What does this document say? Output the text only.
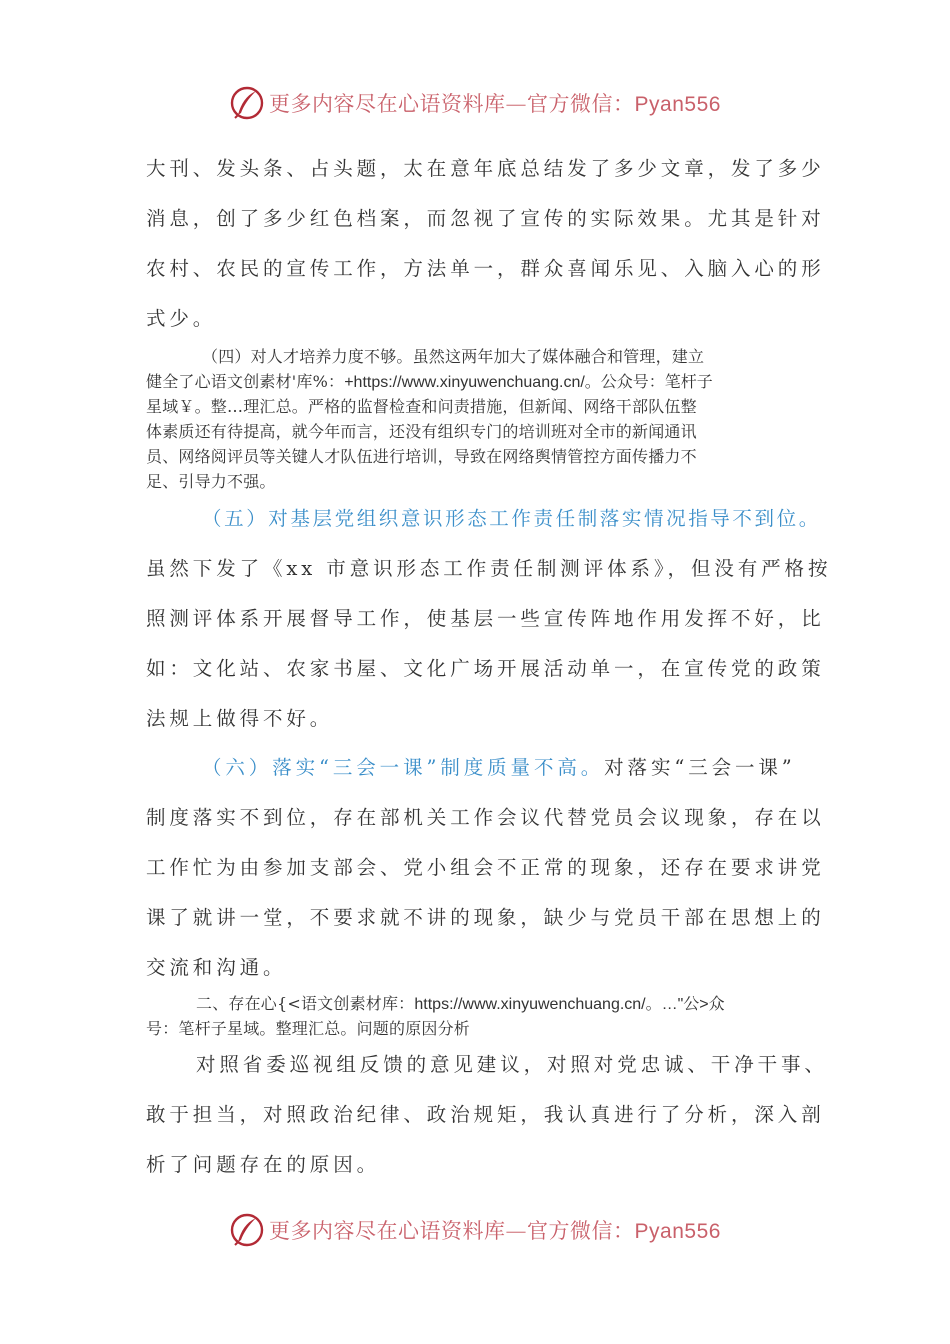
更多内容尽在心语资料库—官方微信：Pyan556
大刊、发头条、占头题，太在意年底总结发了多少文章，发了多少
消息，创了多少红色档案，而忽视了宣传的实际效果。尤其是针对
农村、农民的宣传工作，方法单一，群众喜闻乐见、入脑入心的形
式少。
（四）对人才培养力度不够。虽然这两年加大了媒体融合和管理，建立
健全了心语文创素材'库%：+https://www.xinyuwenchuang.cn/。公众号：笔杆子
星域￥。整…理汇总。严格的监督检查和问责措施，但新闻、网络干部队伍整
体素质还有待提高，就今年而言，还没有组织专门的培训班对全市的新闻通讯
员、网络阅评员等关键人才队伍进行培训，导致在网络舆情管控方面传播力不
足、引导力不强。
（五）对基层党组织意识形态工作责任制落实情况指导不到位。
虽然下发了《xx 市意识形态工作责任制测评体系》，但没有严格按
照测评体系开展督导工作，使基层一些宣传阵地作用发挥不好，比
如：文化站、农家书屋、文化广场开展活动单一，在宣传党的政策
法规上做得不好。
（六）落实“三会一课”制度质量不高。对落实“三会一课”
制度落实不到位，存在部机关工作会议代替党员会议现象，存在以
工作忙为由参加支部会、党小组会不正常的现象，还存在要求讲党
课了就讲一堂，不要求就不讲的现象，缺少与党员干部在思想上的
交流和沟通。
二、存在心{<语文创素材库：https://www.xinyuwenchuang.cn/。…"公>众
号：笔杆子星域。整理汇总。问题的原因分析
对照省委巡视组反馈的意见建议，对照对党忠诚、干净干事、
敢于担当，对照政治纪律、政治规矩，我认真进行了分析，深入剖
析了问题存在的原因。
更多内容尽在心语资料库—官方微信：Pyan556
